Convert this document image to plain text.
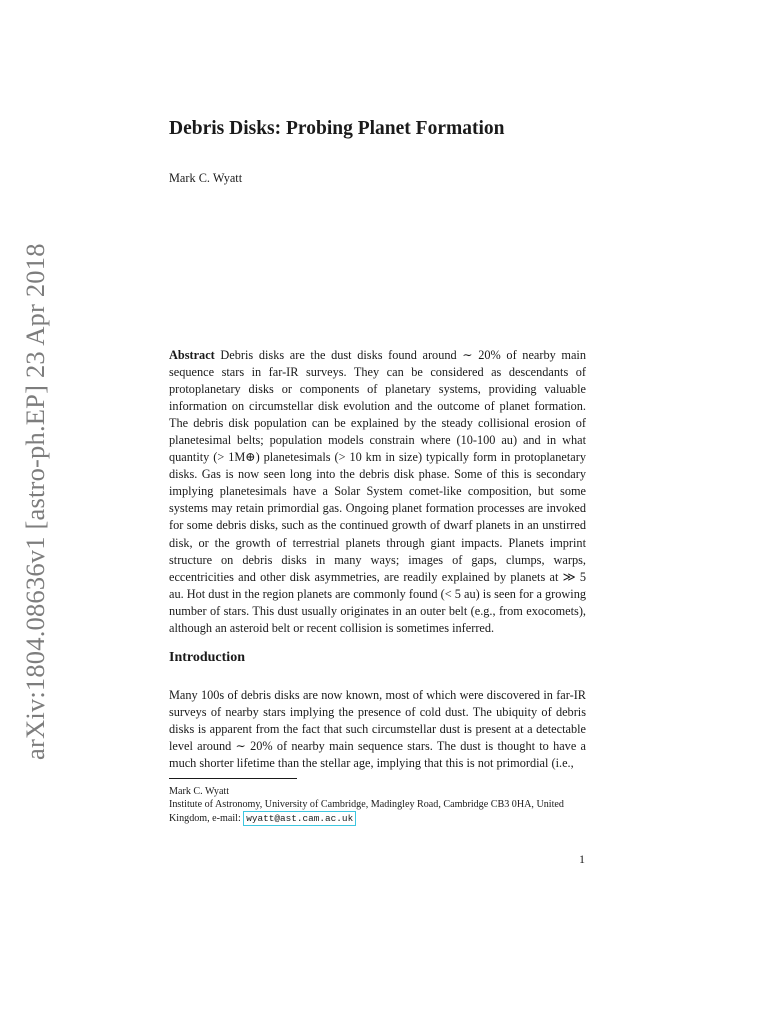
arXiv:1804.08636v1 [astro-ph.EP] 23 Apr 2018
Debris Disks: Probing Planet Formation
Mark C. Wyatt
Abstract Debris disks are the dust disks found around ∼ 20% of nearby main sequence stars in far-IR surveys. They can be considered as descendants of protoplanetary disks or components of planetary systems, providing valuable information on circumstellar disk evolution and the outcome of planet formation. The debris disk population can be explained by the steady collisional erosion of planetesimal belts; population models constrain where (10-100 au) and in what quantity (> 1M⊕) planetesimals (> 10 km in size) typically form in protoplanetary disks. Gas is now seen long into the debris disk phase. Some of this is secondary implying planetesimals have a Solar System comet-like composition, but some systems may retain primordial gas. Ongoing planet formation processes are invoked for some debris disks, such as the continued growth of dwarf planets in an unstirred disk, or the growth of terrestrial planets through giant impacts. Planets imprint structure on debris disks in many ways; images of gaps, clumps, warps, eccentricities and other disk asymmetries, are readily explained by planets at ≫ 5 au. Hot dust in the region planets are commonly found (< 5 au) is seen for a growing number of stars. This dust usually originates in an outer belt (e.g., from exocomets), although an asteroid belt or recent collision is sometimes inferred.
Introduction
Many 100s of debris disks are now known, most of which were discovered in far-IR surveys of nearby stars implying the presence of cold dust. The ubiquity of debris disks is apparent from the fact that such circumstellar dust is present at a detectable level around ∼ 20% of nearby main sequence stars. The dust is thought to have a much shorter lifetime than the stellar age, implying that this is not primordial (i.e.,
Mark C. Wyatt
Institute of Astronomy, University of Cambridge, Madingley Road, Cambridge CB3 0HA, United Kingdom, e-mail: wyatt@ast.cam.ac.uk
1
